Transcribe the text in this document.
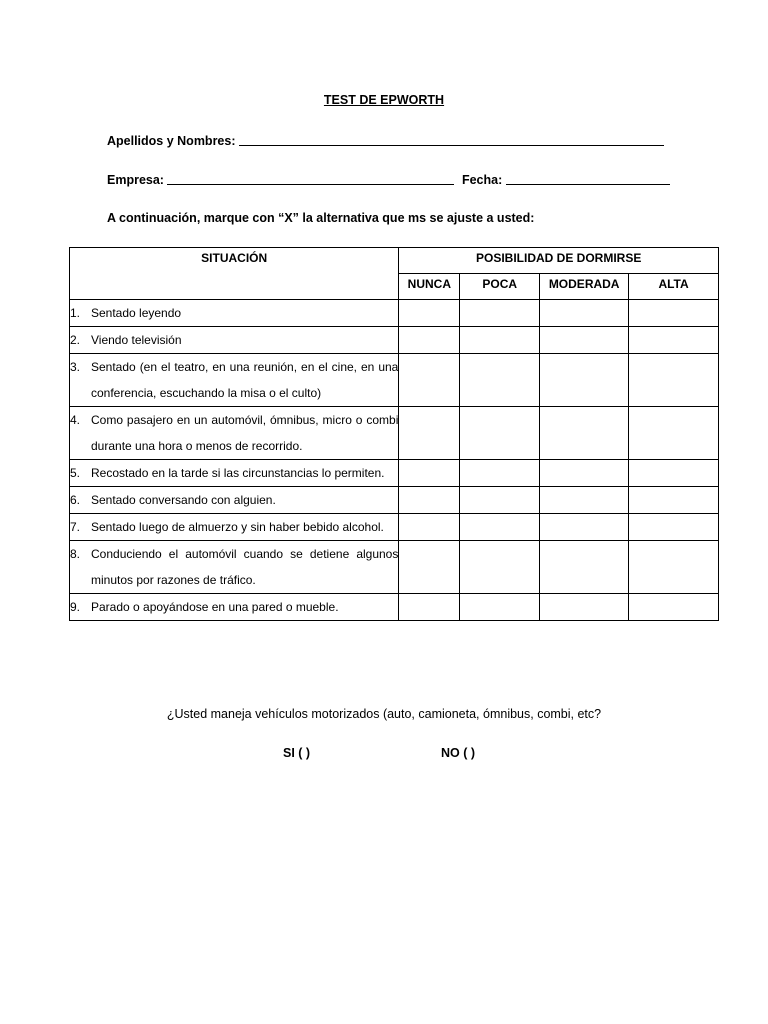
TEST DE EPWORTH
Apellidos y Nombres:
Empresa:	Fecha:
A continuación, marque con “X” la alternativa que ms se ajuste a usted:
SITUACIÓN	POSIBILIDAD DE DORMIRSE			
	NUNCA	POCA	MODERADA	ALTA

1. Sentado leyendo				

2. Viendo televisión				

3. Sentado (en el teatro, en una reunión, en el cine, en una conferencia, escuchando la misa o el culto)				

4. Como pasajero en un automóvil, ómnibus, micro o combi durante una hora o menos de recorrido.				

5. Recostado en la tarde si las circunstancias lo permiten.				

6. Sentado conversando con alguien.				

7. Sentado luego de almuerzo y sin haber bebido alcohol.				

8. Conduciendo el automóvil cuando se detiene algunos minutos por razones de tráfico.				

9. Parado o apoyándose en una pared o mueble.				

¿Usted maneja vehículos motorizados (auto, camioneta, ómnibus, combi, etc?
SI ( )	NO ( )
